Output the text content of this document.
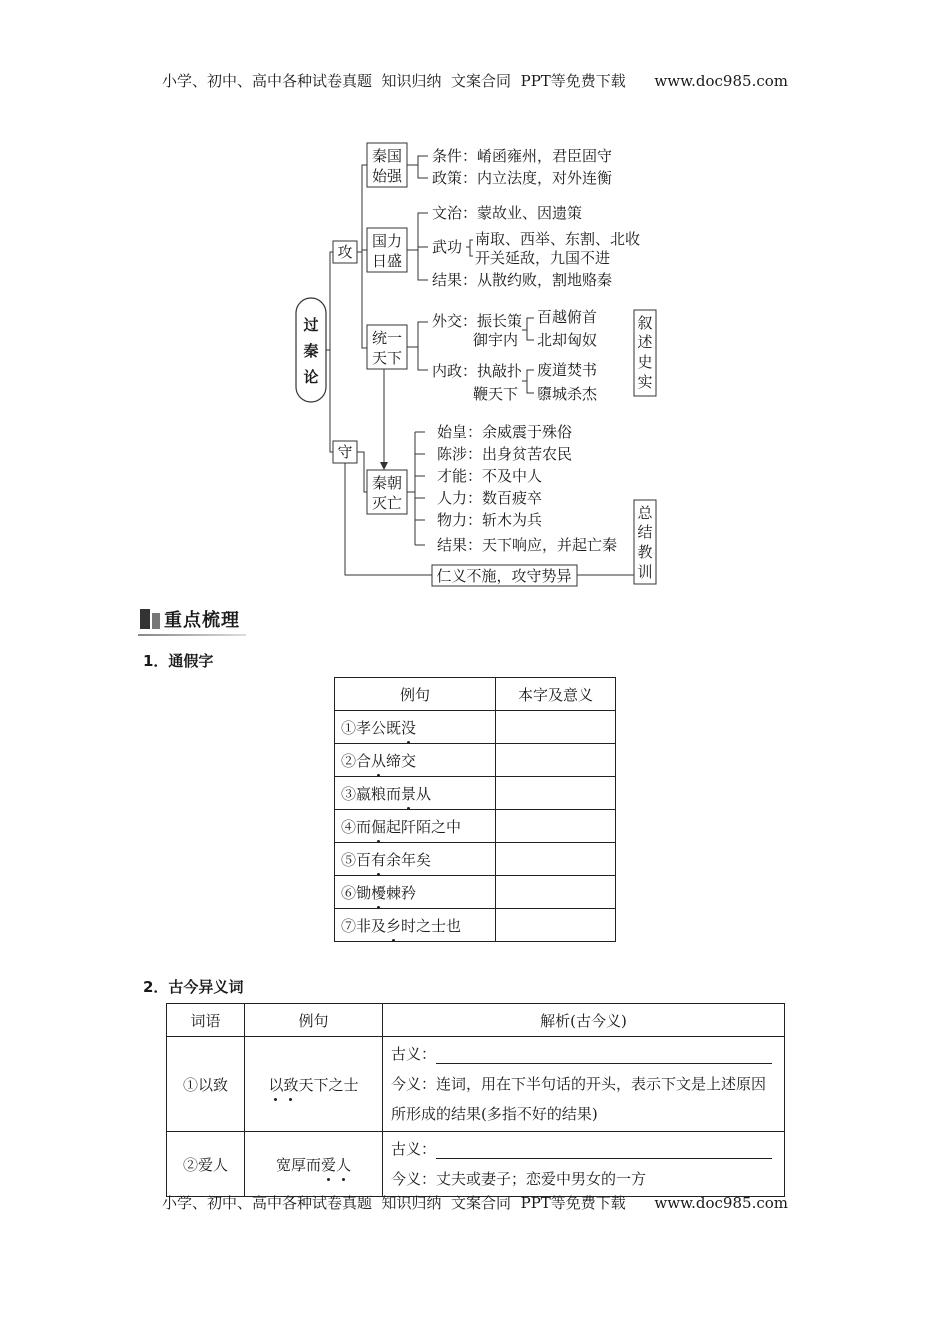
小学、初中、高中各种试卷真题  知识归纳  文案合同  PPT等免费下载      www.doc985.com
过
秦
论
攻
守
秦国
始强
条件：崤函雍州，君臣固守
政策：内立法度，对外连衡
国力
日盛
文治：蒙故业、因遗策
武功 南取、西举、东割、北收
开关延敌，九国不进
结果：从散约败，割地赂秦
统一
天下
外交：振长策
御宇内
百越俯首
北却匈奴
内政：执敲扑
鞭天下
废道焚书
隳城杀杰
叙
述
史
实
秦朝
灭亡
始皇：余威震于殊俗
陈涉：出身贫苦农民
才能：不及中人
人力：数百疲卒
物力：斩木为兵
结果：天下响应，并起亡秦
总
结
教
训
仁义不施，攻守势异
重点梳理
1．通假字
例句	本字及意义
①孝公既没	
②合从缔交	
③嬴粮而景从	
④而倔起阡陌之中	
⑤百有余年矣	
⑥锄櫌棘矜	
⑦非及乡时之士也	
2．古今异义词
词语	例句	解析(古今义)
①以致	以致天下之士	古义：
今义：连词，用在下半句话的开头，表示下文是上述原因所形成的结果(多指不好的结果)

②爱人	宽厚而爱人	古义：
今义：丈夫或妻子；恋爱中男女的一方
小学、初中、高中各种试卷真题  知识归纳  文案合同  PPT等免费下载      www.doc985.com
